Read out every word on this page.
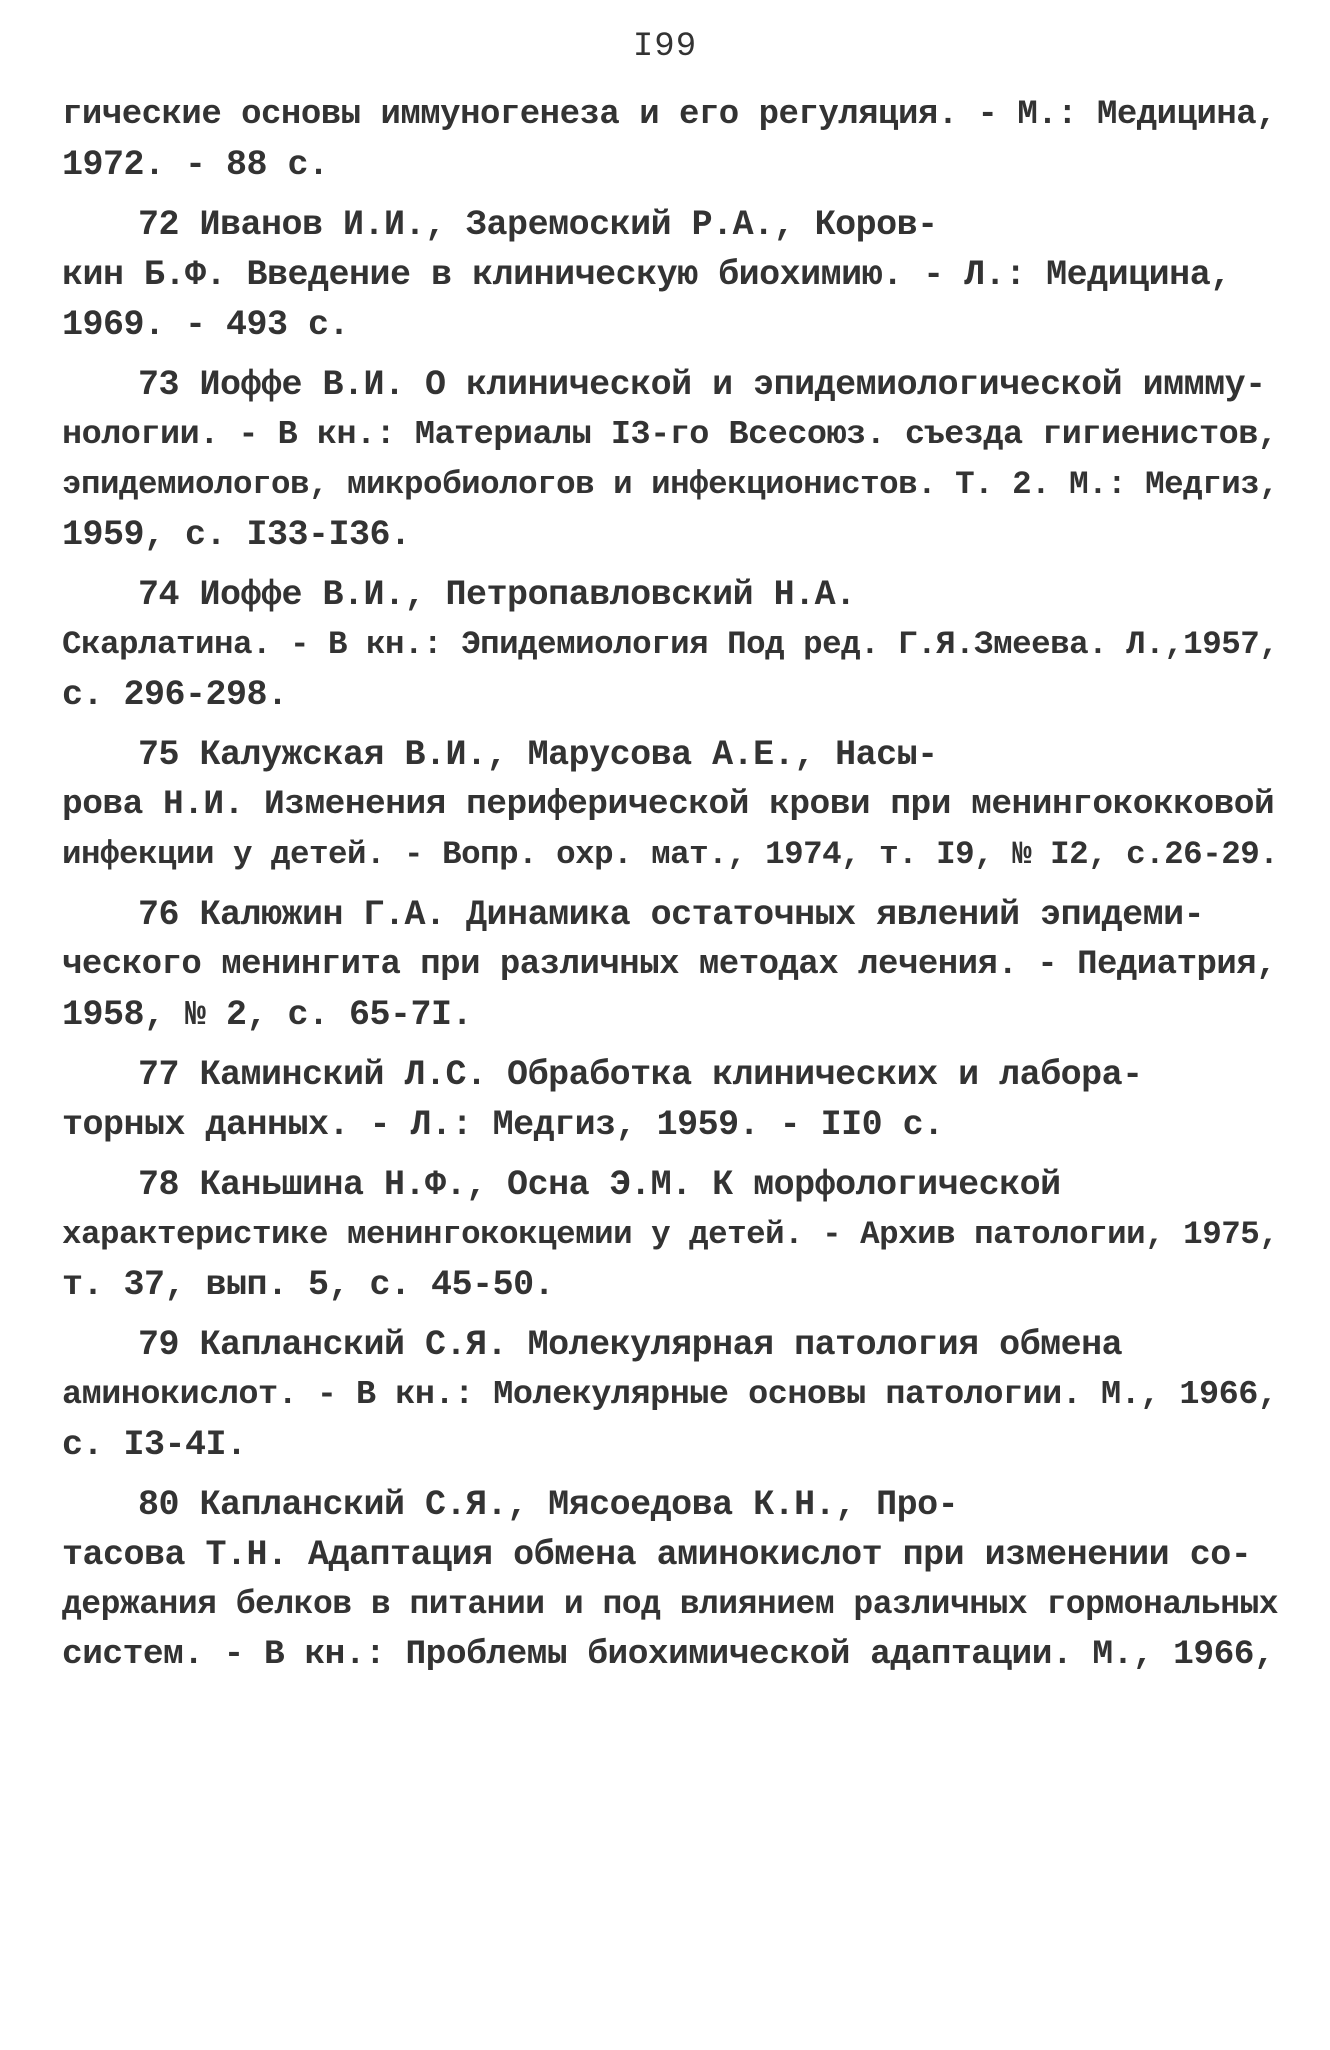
I99
гические основы иммуногенеза и его регуляция. - М.: Медицина,
1972. - 88 с.
72 Иванов И.И., Заремоский Р.А., Коров-
кин Б.Ф. Введение в клиническую биохимию. - Л.: Медицина,
1969. - 493 с.
73 Иоффе В.И. О клинической и эпидемиологической иммму-
нологии. - В кн.: Материалы I3-го Всесоюз. съезда гигиенистов,
эпидемиологов, микробиологов и инфекционистов. Т. 2. М.: Медгиз,
1959, с. I33-I36.
74 Иоффе В.И., Петропавловский Н.А.
Скарлатина. - В кн.: Эпидемиология Под ред. Г.Я.Змеева. Л.,1957,
с. 296-298.
75 Калужская В.И., Марусова А.Е., Насы-
рова Н.И. Изменения периферической крови при менингококковой
инфекции у детей. - Вопр. охр. мат., 1974, т. I9, № I2, с.26-29.
76 Калюжин Г.А. Динамика остаточных явлений эпидеми-
ческого менингита при различных методах лечения. - Педиатрия,
1958, № 2, с. 65-7I.
77 Каминский Л.С. Обработка клинических и лабора-
торных данных. - Л.: Медгиз, 1959. - II0 с.
78 Каньшина Н.Ф., Осна Э.М. К морфологической
характеристике менингококцемии у детей. - Архив патологии, 1975,
т. 37, вып. 5, с. 45-50.
79 Капланский С.Я. Молекулярная патология обмена
аминокислот. - В кн.: Молекулярные основы патологии. М., 1966,
с. I3-4I.
80 Капланский С.Я., Мясоедова К.Н., Про-
тасова Т.Н. Адаптация обмена аминокислот при изменении со-
держания белков в питании и под влиянием различных гормональных
систем. - В кн.: Проблемы биохимической адаптации. М., 1966,
